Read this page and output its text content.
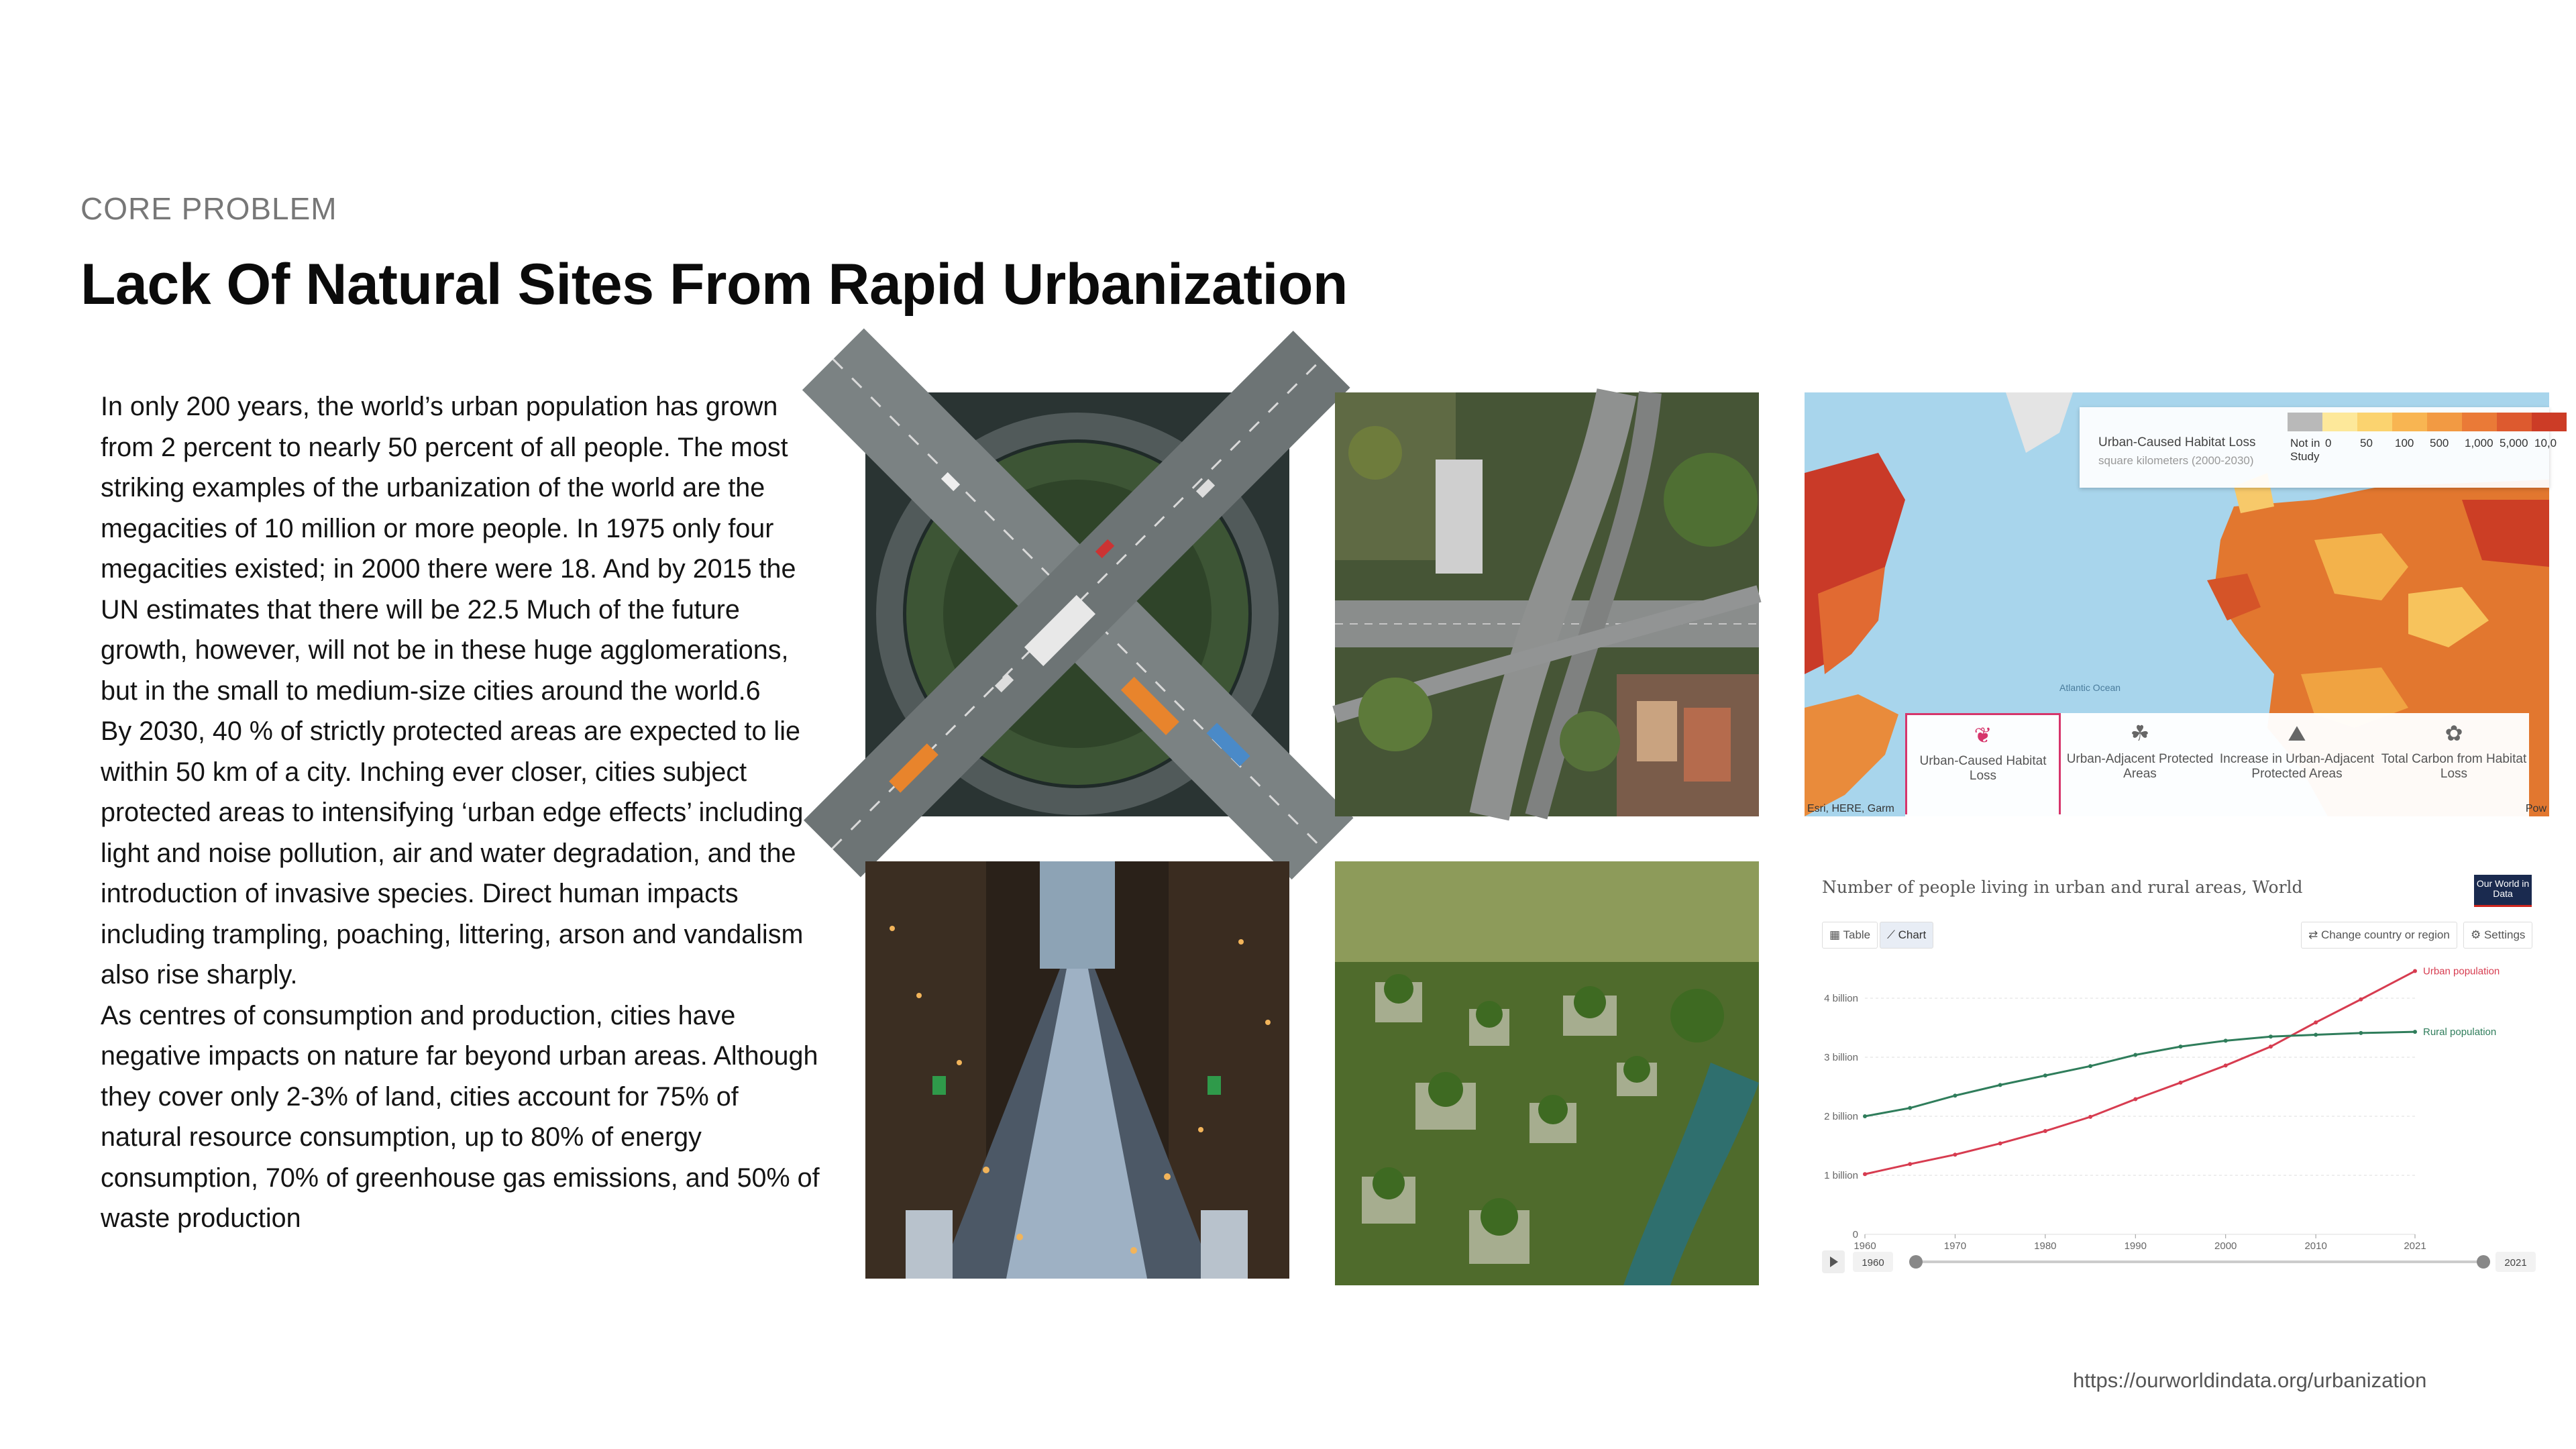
CORE PROBLEM
Lack Of Natural Sites From Rapid Urbanization

In only 200 years, the world’s urban population has grown from 2 percent to nearly 50 percent of all people. The most striking examples of the urbanization of the world are the megacities of 10 million or more people. In 1975 only four megacities existed; in 2000 there were 18. And by 2015 the UN estimates that there will be 22.5 Much of the future growth, however, will not be in these huge agglomerations, but in the small to medium-size cities around the world.6

By 2030, 40 % of strictly protected areas are expected to lie within 50 km of a city. Inching ever closer, cities subject protected areas to intensifying ‘urban edge effects’ including light and noise pollution, air and water degradation, and the introduction of invasive species. Direct human impacts including trampling, poaching, littering, arson and vandalism also rise sharply.

As centres of consumption and production, cities have negative impacts on nature far beyond urban areas. Although they cover only 2-3% of land, cities account for 75% of natural resource consumption, up to 80% of energy consumption, 70% of greenhouse gas emissions, and 50% of waste production

Atlantic Ocean
Urban-Caused Habitat Loss
square kilometers (2000-2030)
Not in Study
0	50	100	500	1,000 5,000 10,0
❦
Urban-Caused Habitat Loss
☘
Urban-Adjacent Protected Areas
⛰
Increase in Urban-Adjacent Protected Areas
✿
Total Carbon from Habitat Loss
Esri, HERE, Garm	Pow
Number of people living in urban and rural areas, World	Our World in Data
▦ Table	⟋ Chart	⇄ Change country or region	⚙ Settings
0
1 billion
2 billion
3 billion
4 billion
1960	1970	1980	1990	2000	2010	2021
Urban population
Rural population
1960	2021
https://ourworldindata.org/urbanization
